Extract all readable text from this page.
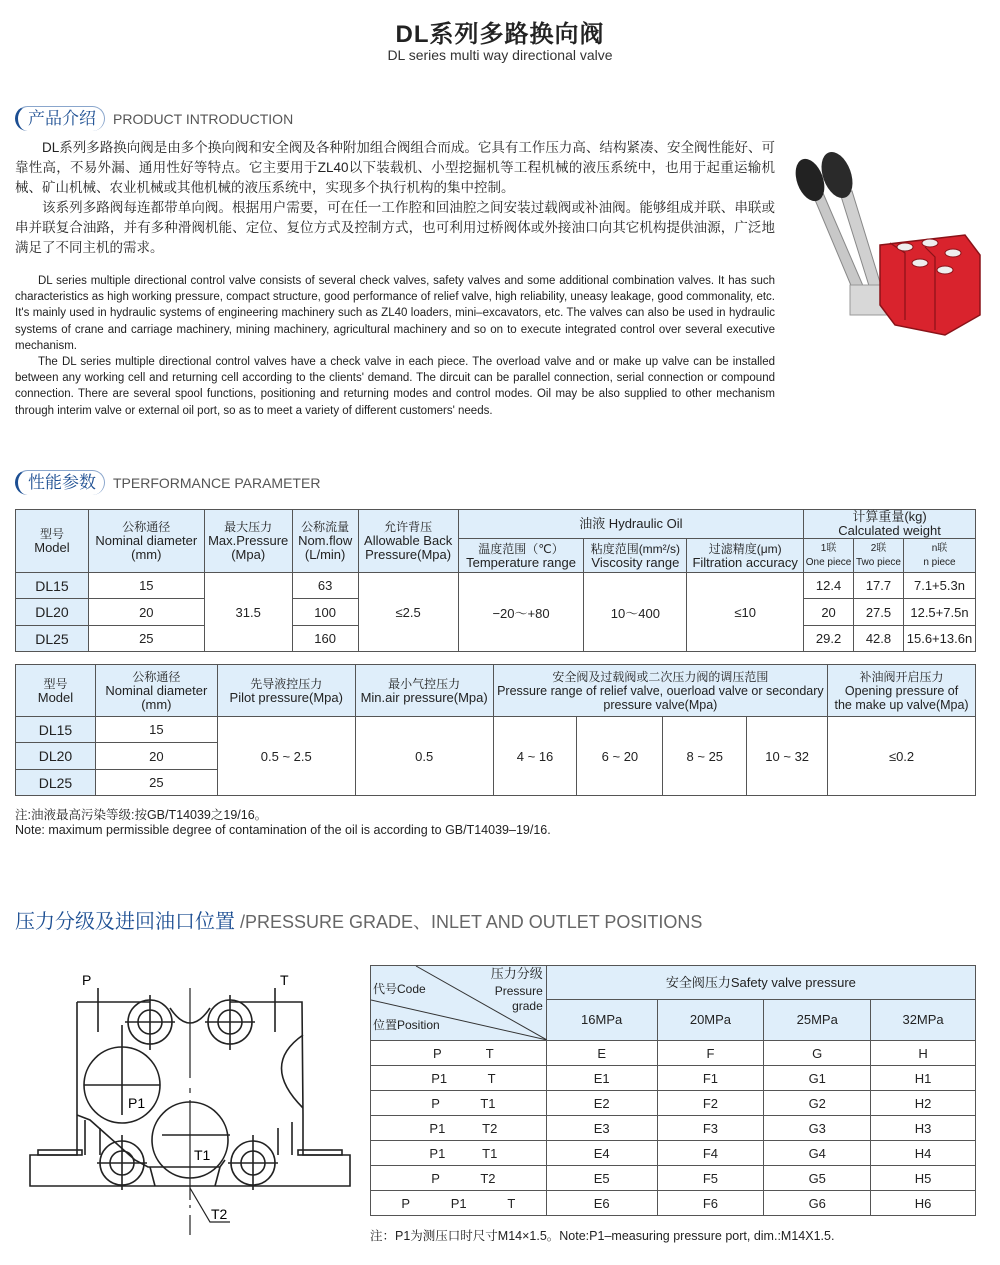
DL系列多路换向阀
DL series multi way directional valve
产品介绍	PRODUCT INTRODUCTION

DL系列多路换向阀是由多个换向阀和安全阀及各种附加组合阀组合而成。它具有工作压力高、结构紧凑、安全阀性能好、可靠性高，不易外漏、通用性好等特点。它主要用于ZL40以下装载机、小型挖掘机等工程机械的液压系统中，也用于起重运输机械、矿山机械、农业机械或其他机械的液压系统中，实现多个执行机构的集中控制。

该系列多路阀每连都带单向阀。根据用户需要，可在任一工作腔和回油腔之间安装过载阀或补油阀。能够组成并联、串联或串并联复合油路，并有多种滑阀机能、定位、复位方式及控制方式，也可利用过桥阀体或外接油口向其它机构提供油源，广泛地满足了不同主机的需求。

DL series multiple directional control valve consists of several check valves, safety valves and some additional combination valves. It has such characteristics as high working pressure, compact structure, good performance of relief valve, high reliability, uneasy leakage, good commonality, etc. It's mainly used in hydraulic systems of engineering machinery such as ZL40 loaders, mini–excavators, etc. The valves can also be used in hydraulic systems of crane and carriage machinery, mining machinery, agricultural machinery and so on to execute integrated control over several executive mechanism.

The DL series multiple directional control valves have a check valve in each piece. The overload valve and or make up valve can be installed between any working cell and returning cell according to the clients' demand. The dircuit can be parallel connection, serial connection or compound connection. There are several spool functions, positioning and returning modes and control modes. Oil may be also supplied to other mechanism through interim valve or external oil port, so as to meet a variety of different customers' needs.

性能参数	TPERFORMANCE PARAMETER
型号
Model	公称通径
Nominal diameter
(mm)	最大压力
Max.Pressure
(Mpa)	公称流量
Nom.flow
(L/min)	允许背压
Allowable Back
Pressure(Mpa)	油液 Hydraulic Oil			计算重量(kg)
Calculated weight		
					温度范围（℃）
Temperature range	粘度范围(mm²/s)
Viscosity range	过滤精度(μm)
Filtration accuracy	1联
One piece	2联
Two piece	n联
n piece
DL15	15	31.5	63	≤2.5	−20～+80	10～400	≤10	12.4	17.7	7.1+5.3n
DL20	20		100					20	27.5	12.5+7.5n
DL25	25		160					29.2	42.8	15.6+13.6n
型号
Model	公称通径
Nominal diameter
(mm)	先导液控压力
Pilot pressure(Mpa)	最小气控压力
Min.air pressure(Mpa)	安全阀及过载阀或二次压力阀的调压范围
Pressure range of relief valve, ouerload valve or secondary
pressure valve(Mpa)				补油阀开启压力
Opening pressure of
the make up valve(Mpa)
DL15	15	0.5 ~ 2.5	0.5	4 ~ 16	6 ~ 20	8 ~ 25	10 ~ 32	≤0.2
DL20	20							
DL25	25							
注:油液最高污染等级:按GB/T14039之19/16。
Note: maximum permissible degree of contamination of the oil is according to GB/T14039–19/16.
压力分级及进回油口位置 /PRESSURE GRADE、INLET AND OUTLET POSITIONS
P	T
P1
T1
T2
代号Code
压力分级
Pressure
grade
位置Position	安全阀压力Safety valve pressure			
	16MPa	20MPa	25MPa	32MPa

P T	E	F	G	H

P1 T	E1	F1	G1	H1

P T1	E2	F2	G2	H2

P1 T2	E3	F3	G3	H3

P1 T1	E4	F4	G4	H4

P T2	E5	F5	G5	H5

P P1 T	E6	F6	G6	H6
注：P1为测压口时尺寸M14×1.5。Note:P1–measuring pressure port, dim.:M14X1.5.
